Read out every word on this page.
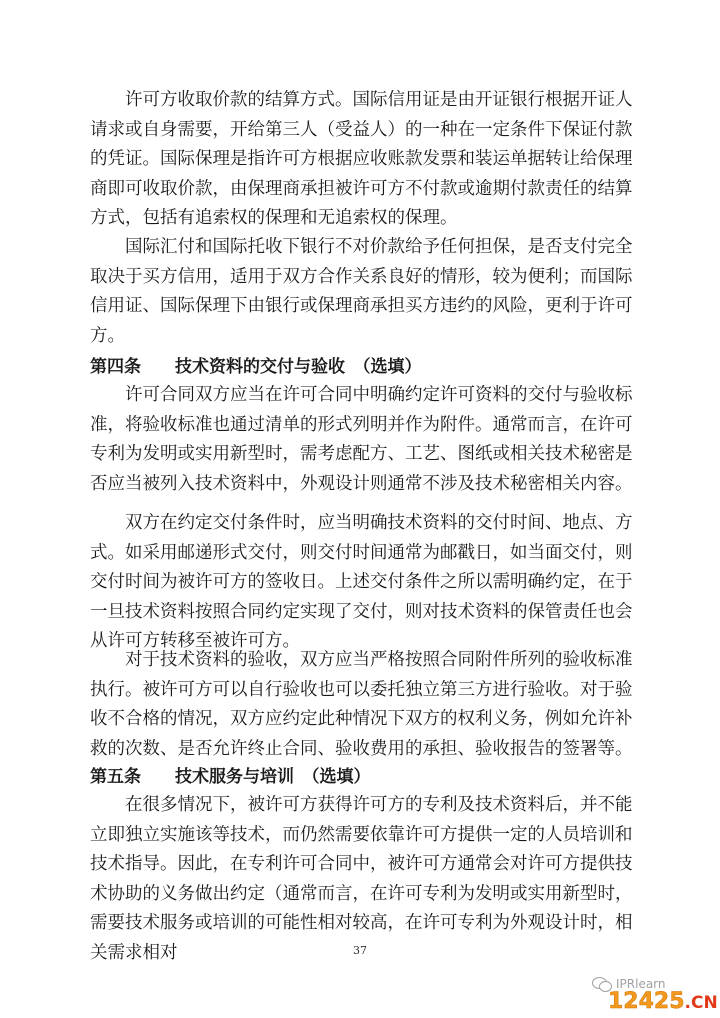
许可方收取价款的结算方式。国际信用证是由开证银行根据开证人请求或自身需要，开给第三人（受益人）的一种在一定条件下保证付款的凭证。国际保理是指许可方根据应收账款发票和装运单据转让给保理商即可收取价款，由保理商承担被许可方不付款或逾期付款责任的结算方式，包括有追索权的保理和无追索权的保理。

国际汇付和国际托收下银行不对价款给予任何担保，是否支付完全取决于买方信用，适用于双方合作关系良好的情形，较为便利；而国际信用证、国际保理下由银行或保理商承担买方违约的风险，更利于许可方。

第四条　　技术资料的交付与验收　（选填）

许可合同双方应当在许可合同中明确约定许可资料的交付与验收标准，将验收标准也通过清单的形式列明并作为附件。通常而言，在许可专利为发明或实用新型时，需考虑配方、工艺、图纸或相关技术秘密是否应当被列入技术资料中，外观设计则通常不涉及技术秘密相关内容。

双方在约定交付条件时，应当明确技术资料的交付时间、地点、方式。如采用邮递形式交付，则交付时间通常为邮戳日，如当面交付，则交付时间为被许可方的签收日。上述交付条件之所以需明确约定，在于一旦技术资料按照合同约定实现了交付，则对技术资料的保管责任也会从许可方转移至被许可方。

对于技术资料的验收，双方应当严格按照合同附件所列的验收标准执行。被许可方可以自行验收也可以委托独立第三方进行验收。对于验收不合格的情况，双方应约定此种情况下双方的权利义务，例如允许补救的次数、是否允许终止合同、验收费用的承担、验收报告的签署等。

第五条　　技术服务与培训　（选填）

在很多情况下，被许可方获得许可方的专利及技术资料后，并不能立即独立实施该等技术，而仍然需要依靠许可方提供一定的人员培训和技术指导。因此，在专利许可合同中，被许可方通常会对许可方提供技术协助的义务做出约定（通常而言，在许可专利为发明或实用新型时，需要技术服务或培训的可能性相对较高，在许可专利为外观设计时，相关需求相对	37
IPRlearn
12425.CN
